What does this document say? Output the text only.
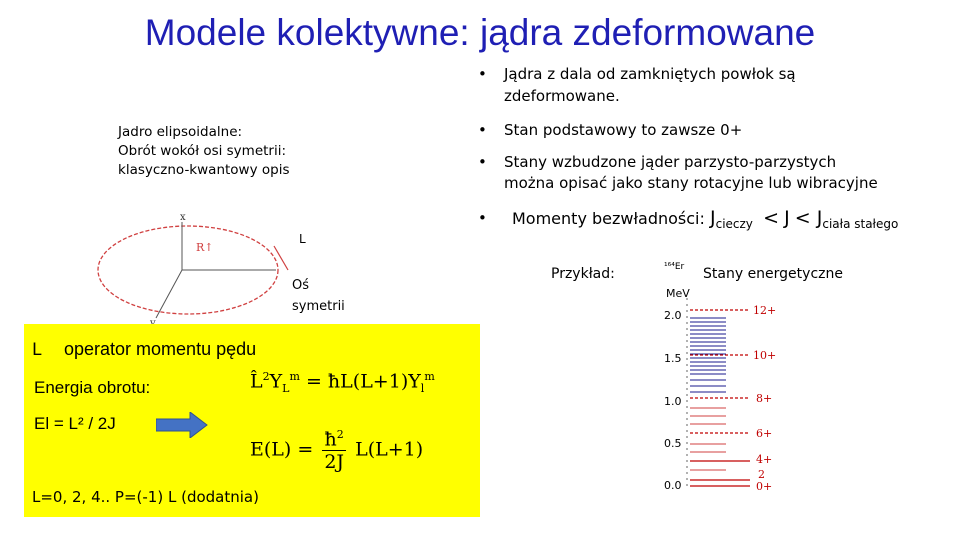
Modele kolektywne: jądra zdeformowane
• Jądra z dala od zamkniętych powłok są
zdeformowane.
• Stan podstawowy to zawsze 0+
• Stany wzbudzone jąder parzysto-parzystych
można opisać jako stany rotacyjne lub wibracyjne
• Momenty bezwładności: $J_{cieczy} < J < J_{ciała stałego}$
Jadro elipsoidalne:
Obrót wokół osi symetrii:
klasyczno-kwantowy opis
x
R↑
L
Oś
symetrii
L operator momentu pędu
Energia obrotu:
El = L² / 2J
$L̂^2Y_L^m$ = $ħL(L+1)Y_l^m$
$E(L) = \frac{ħ^2}{2J} L(L+1)$
L=0, 2, 4.. P=(-1) L (dodatnia)
Przykład:	Stany energetyczne
¹⁶⁴Er
MeV
2.0
1.5
1.0
0.5
0.0
12+
10+
8+
6+
4+
2
0+
